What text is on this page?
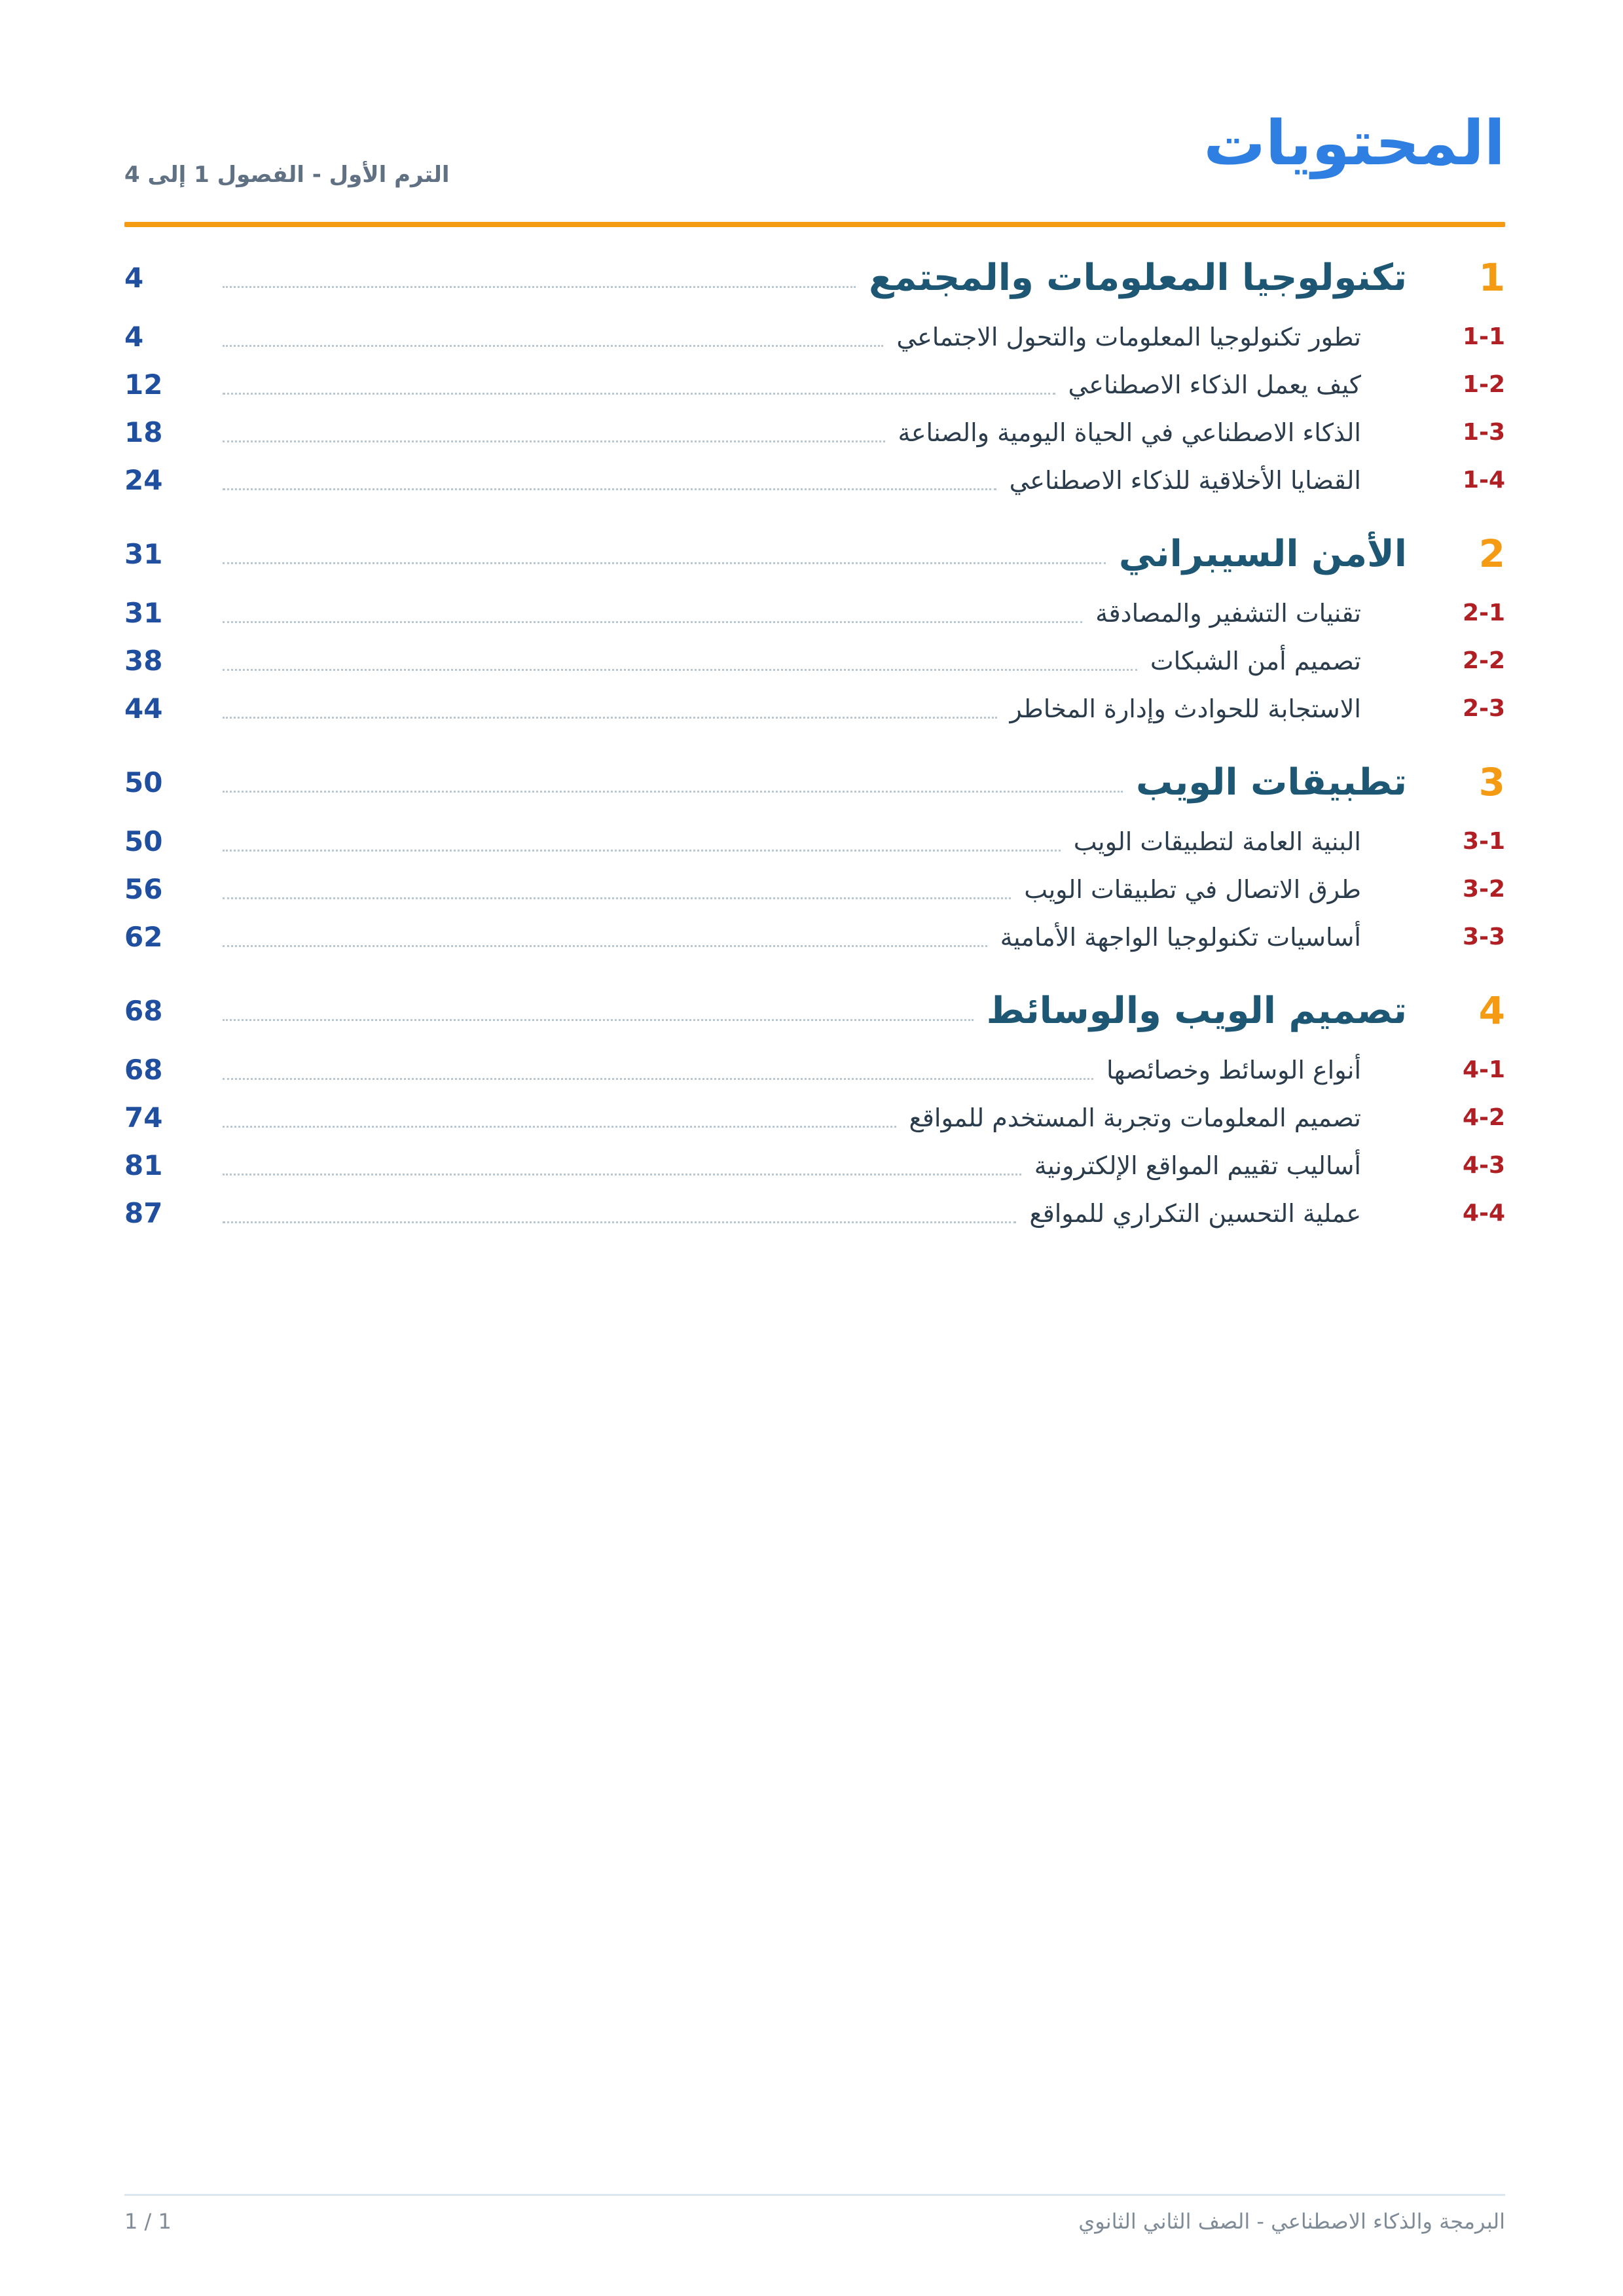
المحتويات
الترم الأول - الفصول 1 إلى 4
1
تكنولوجيا المعلومات والمجتمع
4
1-1
تطور تكنولوجيا المعلومات والتحول الاجتماعي
4
1-2
كيف يعمل الذكاء الاصطناعي
12
1-3
الذكاء الاصطناعي في الحياة اليومية والصناعة
18
1-4
القضايا الأخلاقية للذكاء الاصطناعي
24
2
الأمن السيبراني
31
2-1
تقنيات التشفير والمصادقة
31
2-2
تصميم أمن الشبكات
38
2-3
الاستجابة للحوادث وإدارة المخاطر
44
3
تطبيقات الويب
50
3-1
البنية العامة لتطبيقات الويب
50
3-2
طرق الاتصال في تطبيقات الويب
56
3-3
أساسيات تكنولوجيا الواجهة الأمامية
62
4
تصميم الويب والوسائط
68
4-1
أنواع الوسائط وخصائصها
68
4-2
تصميم المعلومات وتجربة المستخدم للمواقع
74
4-3
أساليب تقييم المواقع الإلكترونية
81
4-4
عملية التحسين التكراري للمواقع
87
البرمجة والذكاء الاصطناعي - الصف الثاني الثانوي
1 / 1
